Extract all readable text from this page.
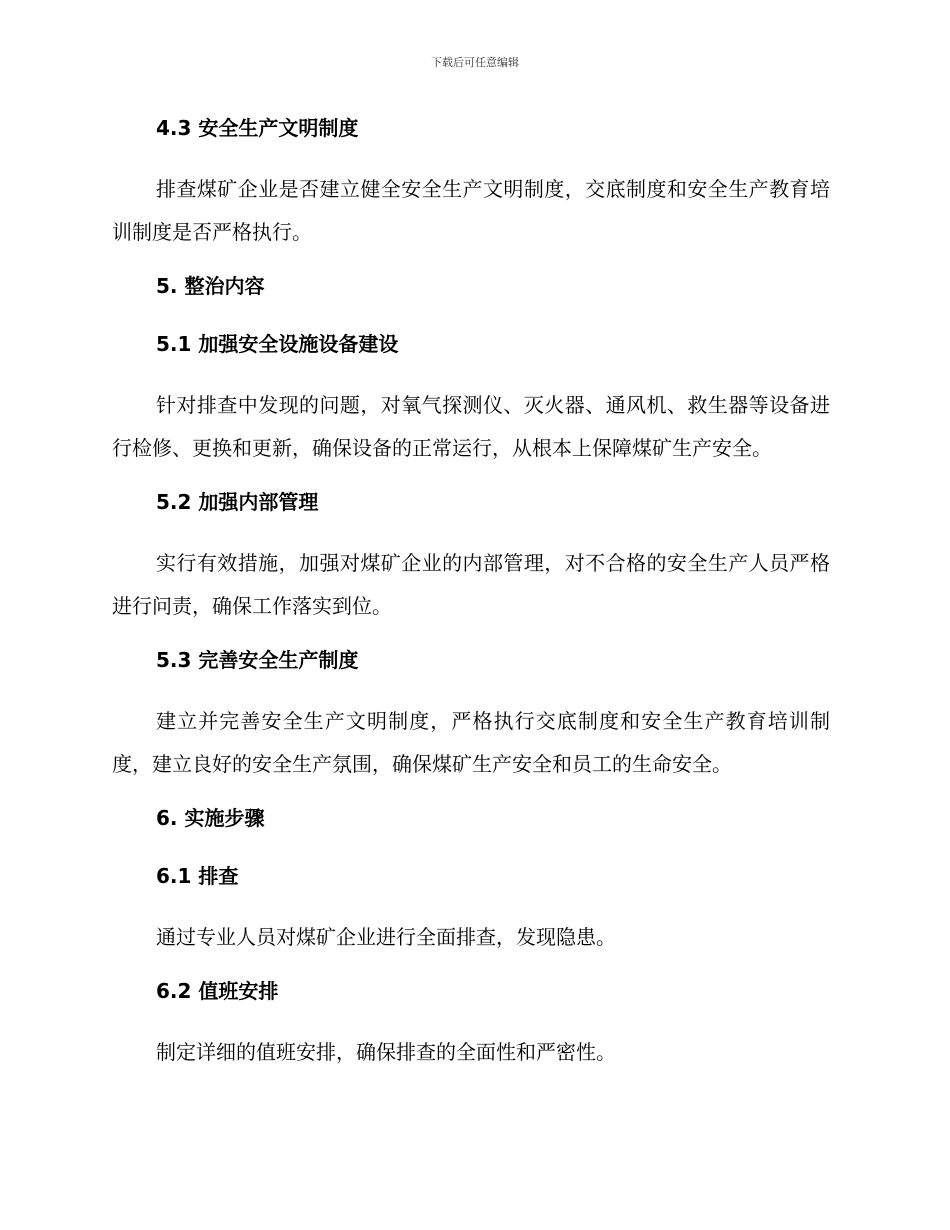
下载后可任意编辑
4.3 安全生产文明制度
排查煤矿企业是否建立健全安全生产文明制度，交底制度和安全生产教育培训制度是否严格执行。
5. 整治内容
5.1 加强安全设施设备建设
针对排查中发现的问题，对氧气探测仪、灭火器、通风机、救生器等设备进行检修、更换和更新，确保设备的正常运行，从根本上保障煤矿生产安全。
5.2 加强内部管理
实行有效措施，加强对煤矿企业的内部管理，对不合格的安全生产人员严格进行问责，确保工作落实到位。
5.3 完善安全生产制度
建立并完善安全生产文明制度，严格执行交底制度和安全生产教育培训制度，建立良好的安全生产氛围，确保煤矿生产安全和员工的生命安全。
6. 实施步骤
6.1 排查
通过专业人员对煤矿企业进行全面排查，发现隐患。
6.2 值班安排
制定详细的值班安排，确保排查的全面性和严密性。
